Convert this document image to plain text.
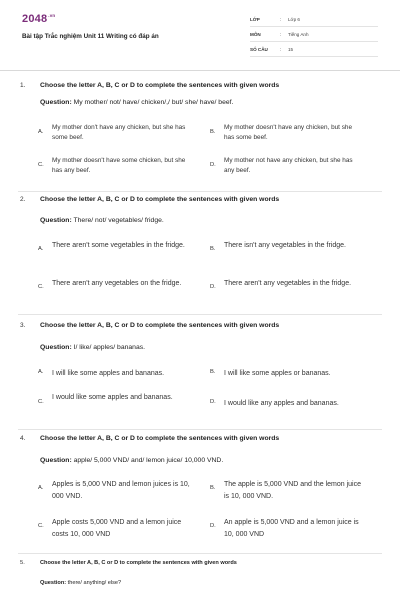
$2048^{.vn}$
Bài tập Trắc nghiệm Unit 11 Writing có đáp án
LỚP	:	Lớp 6
MÔN	:	Tiếng Anh
SỐ CÂU	:	15
1. Choose the letter A, B, C or D to complete the sentences with given words
Question: My mother/ not/ have/ chicken/,/ but/ she/ have/ beef.
A.
My mother don't have any chicken, but she has some beef.
B.
My mother doesn't have any chicken, but she has some beef.
C.
My mother doesn't have some chicken, but she has any beef.
D.
My mother not have any chicken, but she has any beef.
2. Choose the letter A, B, C or D to complete the sentences with given words
Question: There/ not/ vegetables/ fridge.
A. There aren't some vegetables in the fridge.	B. There isn't any vegetables in the fridge.
C. There aren't any vegetables on the fridge.	D. There aren't any vegetables in the fridge.
3. Choose the letter A, B, C or D to complete the sentences with given words
Question: I/ like/ apples/ bananas.
A. I will like some apples and bananas.	B. I will like some apples or bananas.
C.
I would like some apples and bananas.
D. I would like any apples and bananas.
4. Choose the letter A, B, C or D to complete the sentences with given words
Question: apple/ 5,000 VND/ and/ lemon juice/ 10,000 VND.
A. Apples is 5,000 VND and lemon juices is 10, 000 VND.
B. The apple is 5,000 VND and the lemon juice is 10, 000 VND.
C. Apple costs 5,000 VND and a lemon juice costs 10, 000 VND
D. An apple is 5,000 VND and a lemon juice is 10, 000 VND
5.	Choose the letter A, B, C or D to complete the sentences with given words
Question: there/ anything/ else?
